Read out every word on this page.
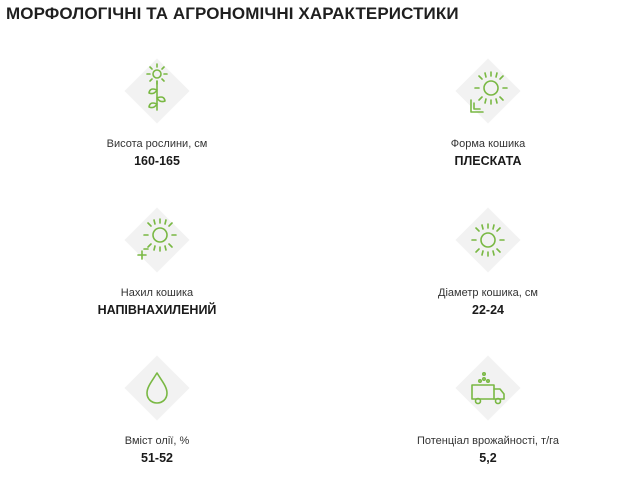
МОРФОЛОГІЧНІ ТА АГРОНОМІЧНІ ХАРАКТЕРИСТИКИ
Висота рослини, см
160-165
Форма кошика
ПЛЕСКАТА
Нахил кошика
НАПІВНАХИЛЕНИЙ
Діаметр кошика, см
22-24
Вміст олії, %
51-52
Потенціал врожайності, т/га
5,2
